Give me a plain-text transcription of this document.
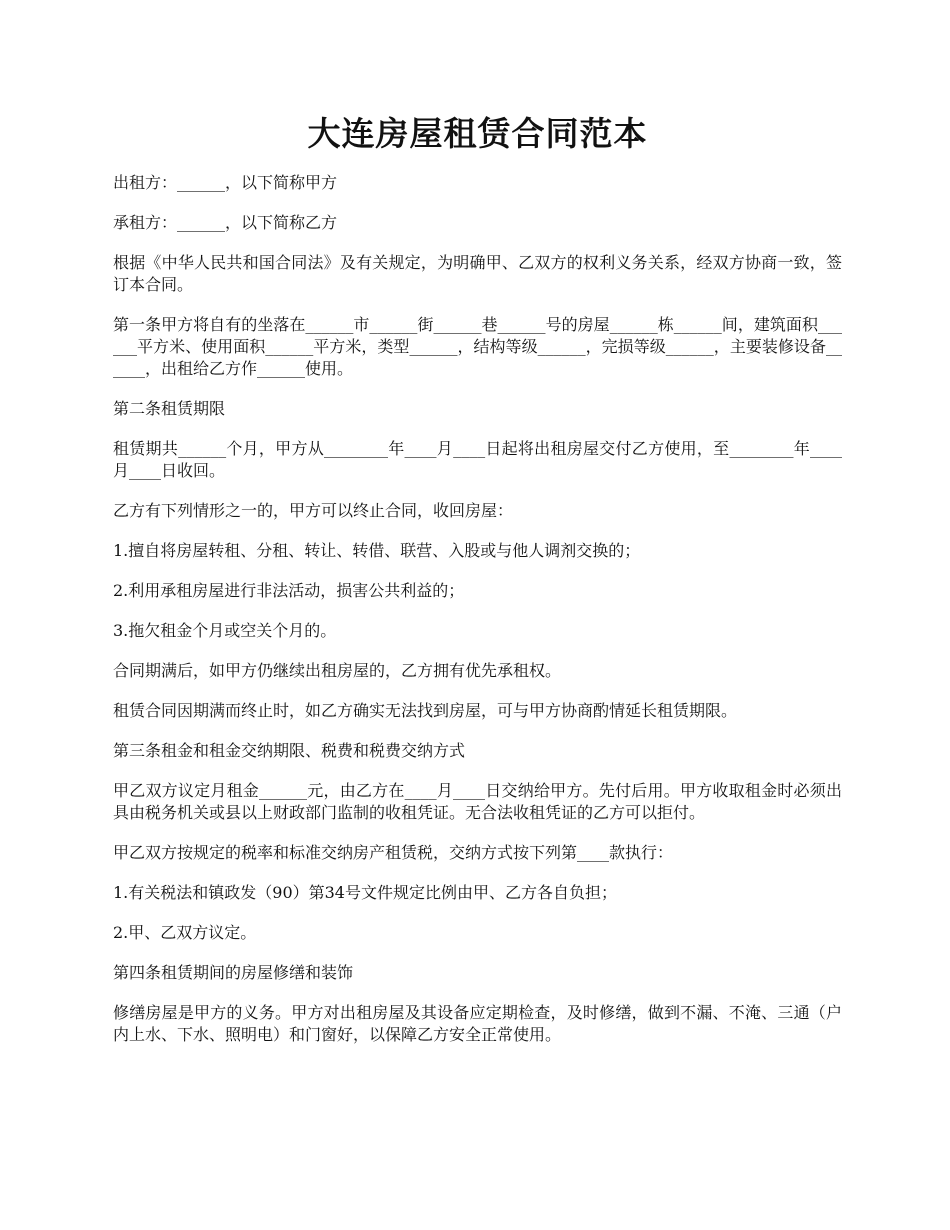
大连房屋租赁合同范本

出租方：______，以下简称甲方

承租方：______，以下简称乙方

根据《中华人民共和国合同法》及有关规定，为明确甲、乙双方的权利义务关系，经双方协商一致，签订本合同。

第一条甲方将自有的坐落在______市______街______巷______号的房屋______栋______间，建筑面积______平方米、使用面积______平方米，类型______，结构等级______，完损等级______，主要装修设备______，出租给乙方作______使用。

第二条租赁期限

租赁期共______个月，甲方从________年____月____日起将出租房屋交付乙方使用，至________年____月____日收回。

乙方有下列情形之一的，甲方可以终止合同，收回房屋：

1.擅自将房屋转租、分租、转让、转借、联营、入股或与他人调剂交换的；

2.利用承租房屋进行非法活动，损害公共利益的；

3.拖欠租金个月或空关个月的。

合同期满后，如甲方仍继续出租房屋的，乙方拥有优先承租权。

租赁合同因期满而终止时，如乙方确实无法找到房屋，可与甲方协商酌情延长租赁期限。

第三条租金和租金交纳期限、税费和税费交纳方式

甲乙双方议定月租金______元，由乙方在____月____日交纳给甲方。先付后用。甲方收取租金时必须出具由税务机关或县以上财政部门监制的收租凭证。无合法收租凭证的乙方可以拒付。

甲乙双方按规定的税率和标准交纳房产租赁税，交纳方式按下列第____款执行：

1.有关税法和镇政发（90）第34号文件规定比例由甲、乙方各自负担；

2.甲、乙双方议定。

第四条租赁期间的房屋修缮和装饰

修缮房屋是甲方的义务。甲方对出租房屋及其设备应定期检查，及时修缮，做到不漏、不淹、三通（户内上水、下水、照明电）和门窗好，以保障乙方安全正常使用。
